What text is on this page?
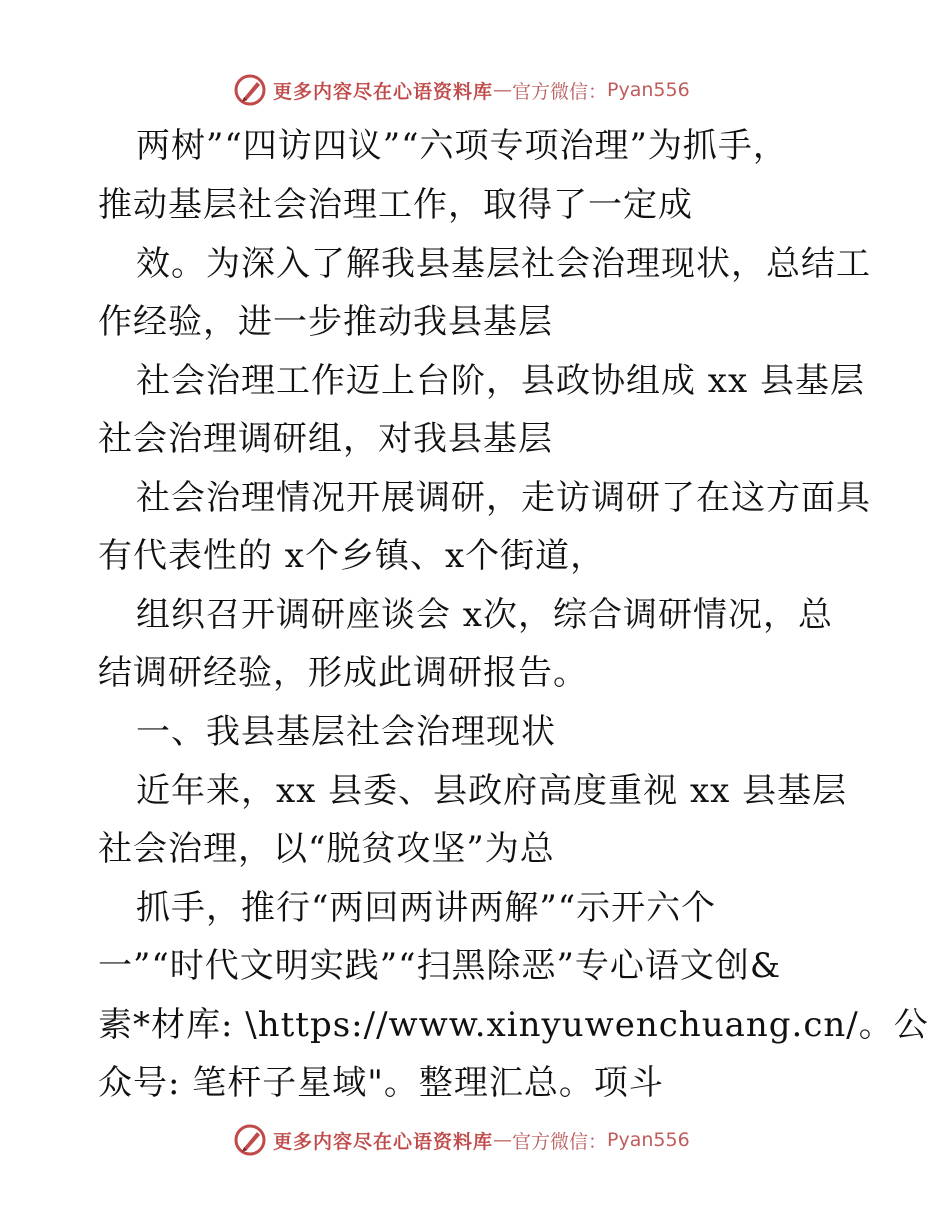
更多内容尽在心语资料库 — 官方微信： Pyan556
两树”“四访四议”“六项专项治理”为抓手，
推动基层社会治理工作，取得了一定成
效。为深入了解我县基层社会治理现状，总结工
作经验，进一步推动我县基层
社会治理工作迈上台阶，县政协组成 xx 县基层
社会治理调研组，对我县基层
社会治理情况开展调研，走访调研了在这方面具
有代表性的 x个乡镇、x个街道，
组织召开调研座谈会 x次，综合调研情况，总
结调研经验，形成此调研报告。
一、我县基层社会治理现状
近年来，xx 县委、县政府高度重视 xx 县基层
社会治理，以“脱贫攻坚”为总
抓手，推行“两回两讲两解”“示开六个
一”“时代文明实践”“扫黑除恶”专心语文创&
素*材库: \https://www.xinyuwenchuang.cn/。公
众号: 笔杆子星域"。整理汇总。项斗
更多内容尽在心语资料库 — 官方微信： Pyan556
